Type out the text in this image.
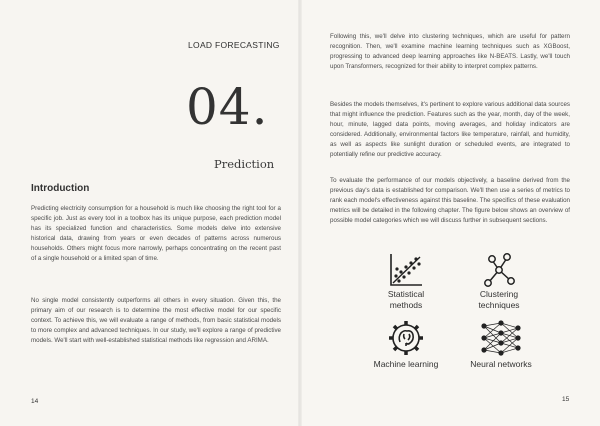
LOAD FORECASTING
04.
Prediction
Introduction

Predicting electricity consumption for a household is much like choosing the right tool for a specific job. Just as every tool in a toolbox has its unique purpose, each prediction model has its specialized function and characteristics. Some models delve into extensive historical data, drawing from years or even decades of patterns across numerous households. Others might focus more narrowly, perhaps concentrating on the recent past of a single household or a limited span of time.

No single model consistently outperforms all others in every situation. Given this, the primary aim of our research is to determine the most effective model for our specific context. To achieve this, we will evaluate a range of methods, from basic statistical models to more complex and advanced techniques. In our study, we'll explore a range of predictive models. We'll start with well-established statistical methods like regression and ARIMA.

14

Following this, we'll delve into clustering techniques, which are useful for pattern recognition. Then, we'll examine machine learning techniques such as XGBoost, progressing to advanced deep learning approaches like N-BEATS. Lastly, we'll touch upon Transformers, recognized for their ability to interpret complex patterns.

Besides the models themselves, it's pertinent to explore various additional data sources that might influence the prediction. Features such as the year, month, day of the week, hour, minute, lagged data points, moving averages, and holiday indicators are considered. Additionally, environmental factors like temperature, rainfall, and humidity, as well as aspects like sunlight duration or scheduled events, are integrated to potentially refine our predictive accuracy.

To evaluate the performance of our models objectively, a baseline derived from the previous day's data is established for comparison. We'll then use a series of metrics to rank each model's effectiveness against this baseline. The specifics of these evaluation metrics will be detailed in the following chapter. The figure below shows an overview of possible model categories which we will discuss further in subsequent sections.

Statistical
methods
Clustering
techniques
Machine learning	Neural networks
15
